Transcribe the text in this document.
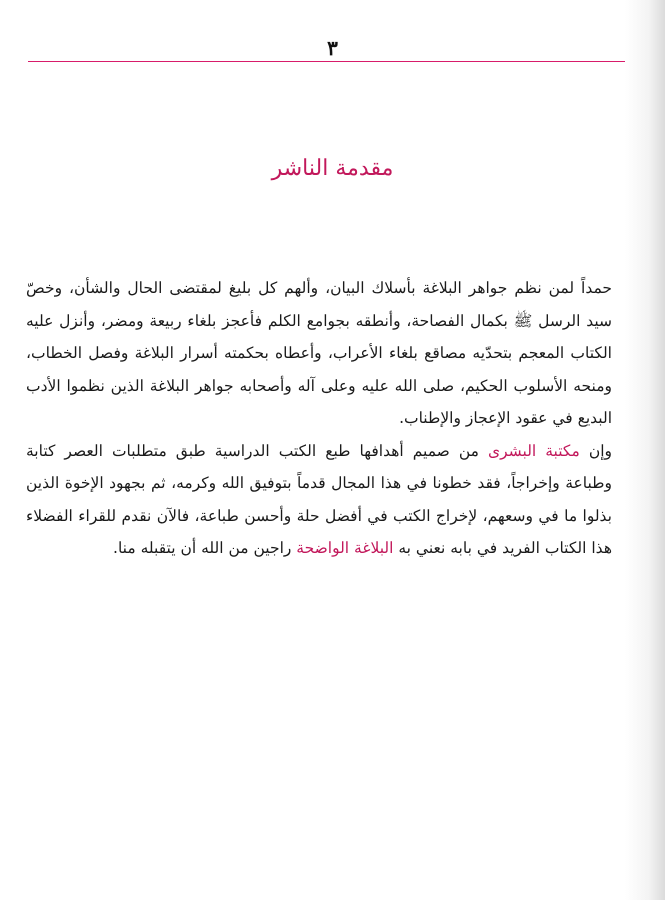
٣
مقدمة الناشر

حمداً لمن نظم جواهر البلاغة بأسلاك البيان، وألهم كل بليغ لمقتضى الحال والشأن، وخصّ سيد الرسل ﷺ بكمال الفصاحة، وأنطقه بجوامع الكلم فأعجز بلغاء ربيعة ومضر، وأنزل عليه الكتاب المعجم بتحدّيه مصاقع بلغاء الأعراب، وأعطاه بحكمته أسرار البلاغة وفصل الخطاب، ومنحه الأسلوب الحكيم، صلى الله عليه وعلى آله وأصحابه جواهر البلاغة الذين نظموا الأدب البديع في عقود الإعجاز والإطناب.

وإن مكتبة البشرى من صميم أهدافها طبع الكتب الدراسية طبق متطلبات العصر كتابة وطباعة وإخراجاً، فقد خطونا في هذا المجال قدماً بتوفيق الله وكرمه، ثم بجهود الإخوة الذين بذلوا ما في وسعهم، لإخراج الكتب في أفضل حلة وأحسن طباعة، فالآن نقدم للقراء الفضلاء هذا الكتاب الفريد في بابه نعني به البلاغة الواضحة راجين من الله أن يتقبله منا.
